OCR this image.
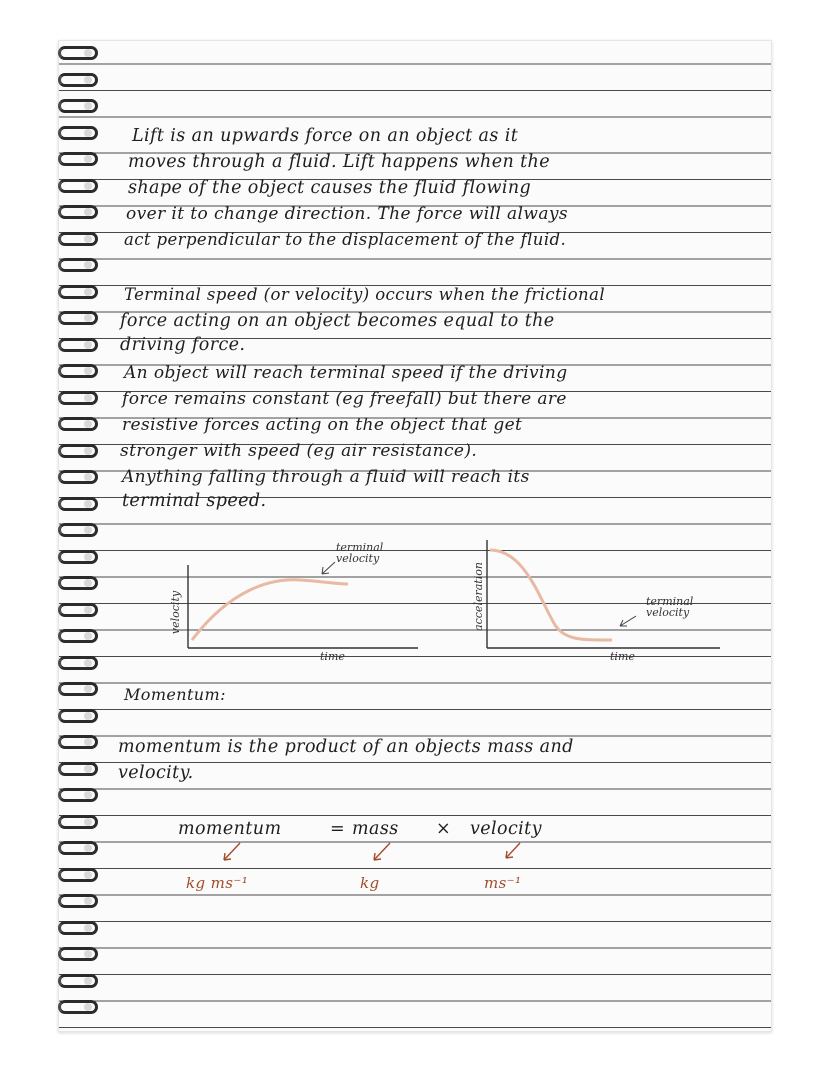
Lift is an upwards force on an object as it
moves through a fluid. Lift happens when the
shape of the object causes the fluid flowing
over it to change direction. The force will always
act perpendicular to the displacement of the fluid.
Terminal speed (or velocity) occurs when the frictional
force acting on an object becomes equal to the
driving force.
An object will reach terminal speed if the driving
force remains constant (eg freefall) but there are
resistive forces acting on the object that get
stronger with speed (eg air resistance).
Anything falling through a fluid will reach its
terminal speed.
velocity
time
terminal velocity
acceleration
time
terminal velocity
Momentum:
momentum is the product of an objects mass and
velocity.
momentum	= mass	×	velocity
kg ms⁻¹	kg	ms⁻¹
